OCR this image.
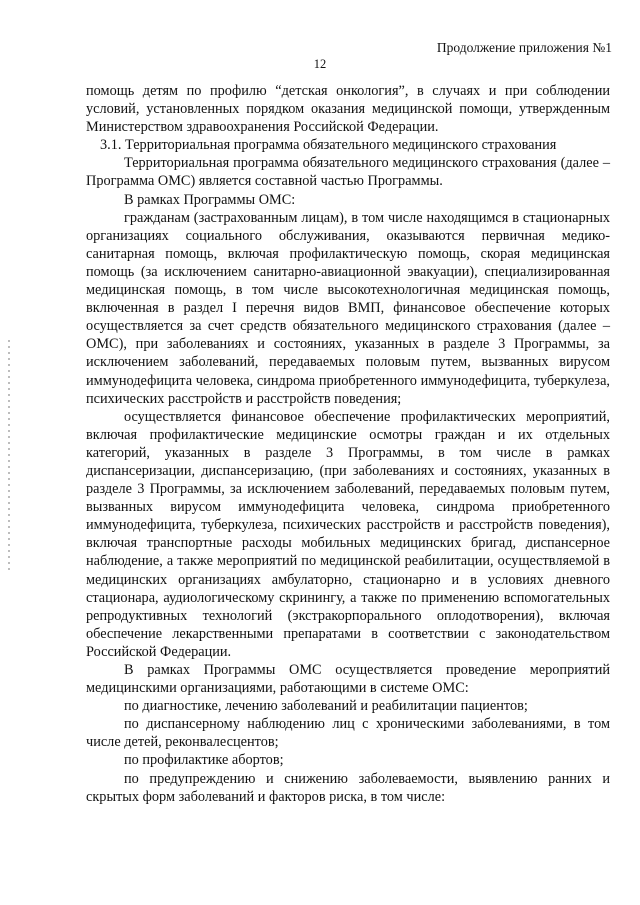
Продолжение приложения №1
12

помощь детям по профилю “детская онкология”, в случаях и при соблюдении условий, установленных порядком оказания медицинской помощи, утвержденным Министерством здравоохранения Российской Федерации.

3.1. Территориальная программа обязательного медицинского страхования

Территориальная программа обязательного медицинского страхования (далее – Программа ОМС) является составной частью Программы.

В рамках Программы ОМС:

гражданам (застрахованным лицам), в том числе находящимся в стационарных организациях социального обслуживания, оказываются первичная медико-санитарная помощь, включая профилактическую помощь, скорая медицинская помощь (за исключением санитарно-авиационной эвакуации), специализированная медицинская помощь, в том числе высокотехнологичная медицинская помощь, включенная в раздел I перечня видов ВМП, финансовое обеспечение которых осуществляется за счет средств обязательного медицинского страхования (далее – ОМС), при заболеваниях и состояниях, указанных в разделе 3 Программы, за исключением заболеваний, передаваемых половым путем, вызванных вирусом иммунодефицита человека, синдрома приобретенного иммунодефицита, туберкулеза, психических расстройств и расстройств поведения;

осуществляется финансовое обеспечение профилактических мероприятий, включая профилактические медицинские осмотры граждан и их отдельных категорий, указанных в разделе 3 Программы, в том числе в рамках диспансеризации, диспансеризацию, (при заболеваниях и состояниях, указанных в разделе 3 Программы, за исключением заболеваний, передаваемых половым путем, вызванных вирусом иммунодефицита человека, синдрома приобретенного иммунодефицита, туберкулеза, психических расстройств и расстройств поведения), включая транспортные расходы мобильных медицинских бригад, диспансерное наблюдение, а также мероприятий по медицинской реабилитации, осуществляемой в медицинских организациях амбулаторно, стационарно и в условиях дневного стационара, аудиологическому скринингу, а также по применению вспомогательных репродуктивных технологий (экстракорпорального оплодотворения), включая обеспечение лекарственными препаратами в соответствии с законодательством Российской Федерации.

В рамках Программы ОМС осуществляется проведение мероприятий медицинскими организациями, работающими в системе ОМС:

по диагностике, лечению заболеваний и реабилитации пациентов;

по диспансерному наблюдению лиц с хроническими заболеваниями, в том числе детей, реконвалесцентов;

по профилактике абортов;

по предупреждению и снижению заболеваемости, выявлению ранних и скрытых форм заболеваний и факторов риска, в том числе:
